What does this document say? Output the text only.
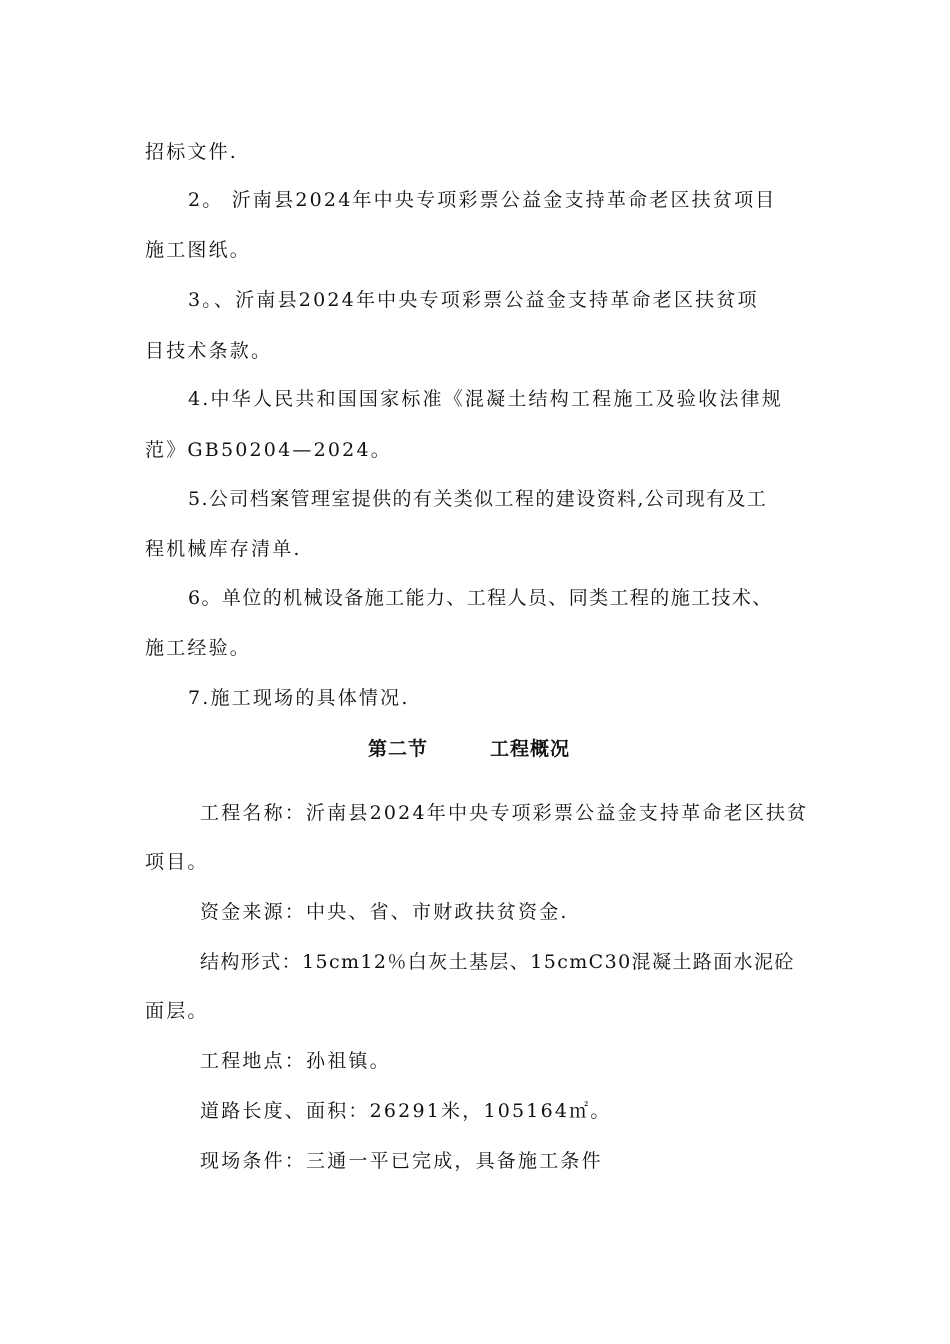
招标文件.
2。 沂南县2024年中央专项彩票公益金支持革命老区扶贫项目
施工图纸。
3。、沂南县2024年中央专项彩票公益金支持革命老区扶贫项
目技术条款。
4.中华人民共和国国家标准《混凝土结构工程施工及验收法律规
范》GB50204—2024。
5.公司档案管理室提供的有关类似工程的建设资料,公司现有及工
程机械库存清单.
6。单位的机械设备施工能力、工程人员、同类工程的施工技术、
施工经验。
7.施工现场的具体情况.
第二节	工程概况
工程名称：沂南县2024年中央专项彩票公益金支持革命老区扶贫
项目。
资金来源：中央、省、市财政扶贫资金.
结构形式：15cm12％白灰土基层、15cmC30混凝土路面水泥砼
面层。
工程地点：孙祖镇。
道路长度、面积：26291米，105164㎡。
现场条件：三通一平已完成，具备施工条件
